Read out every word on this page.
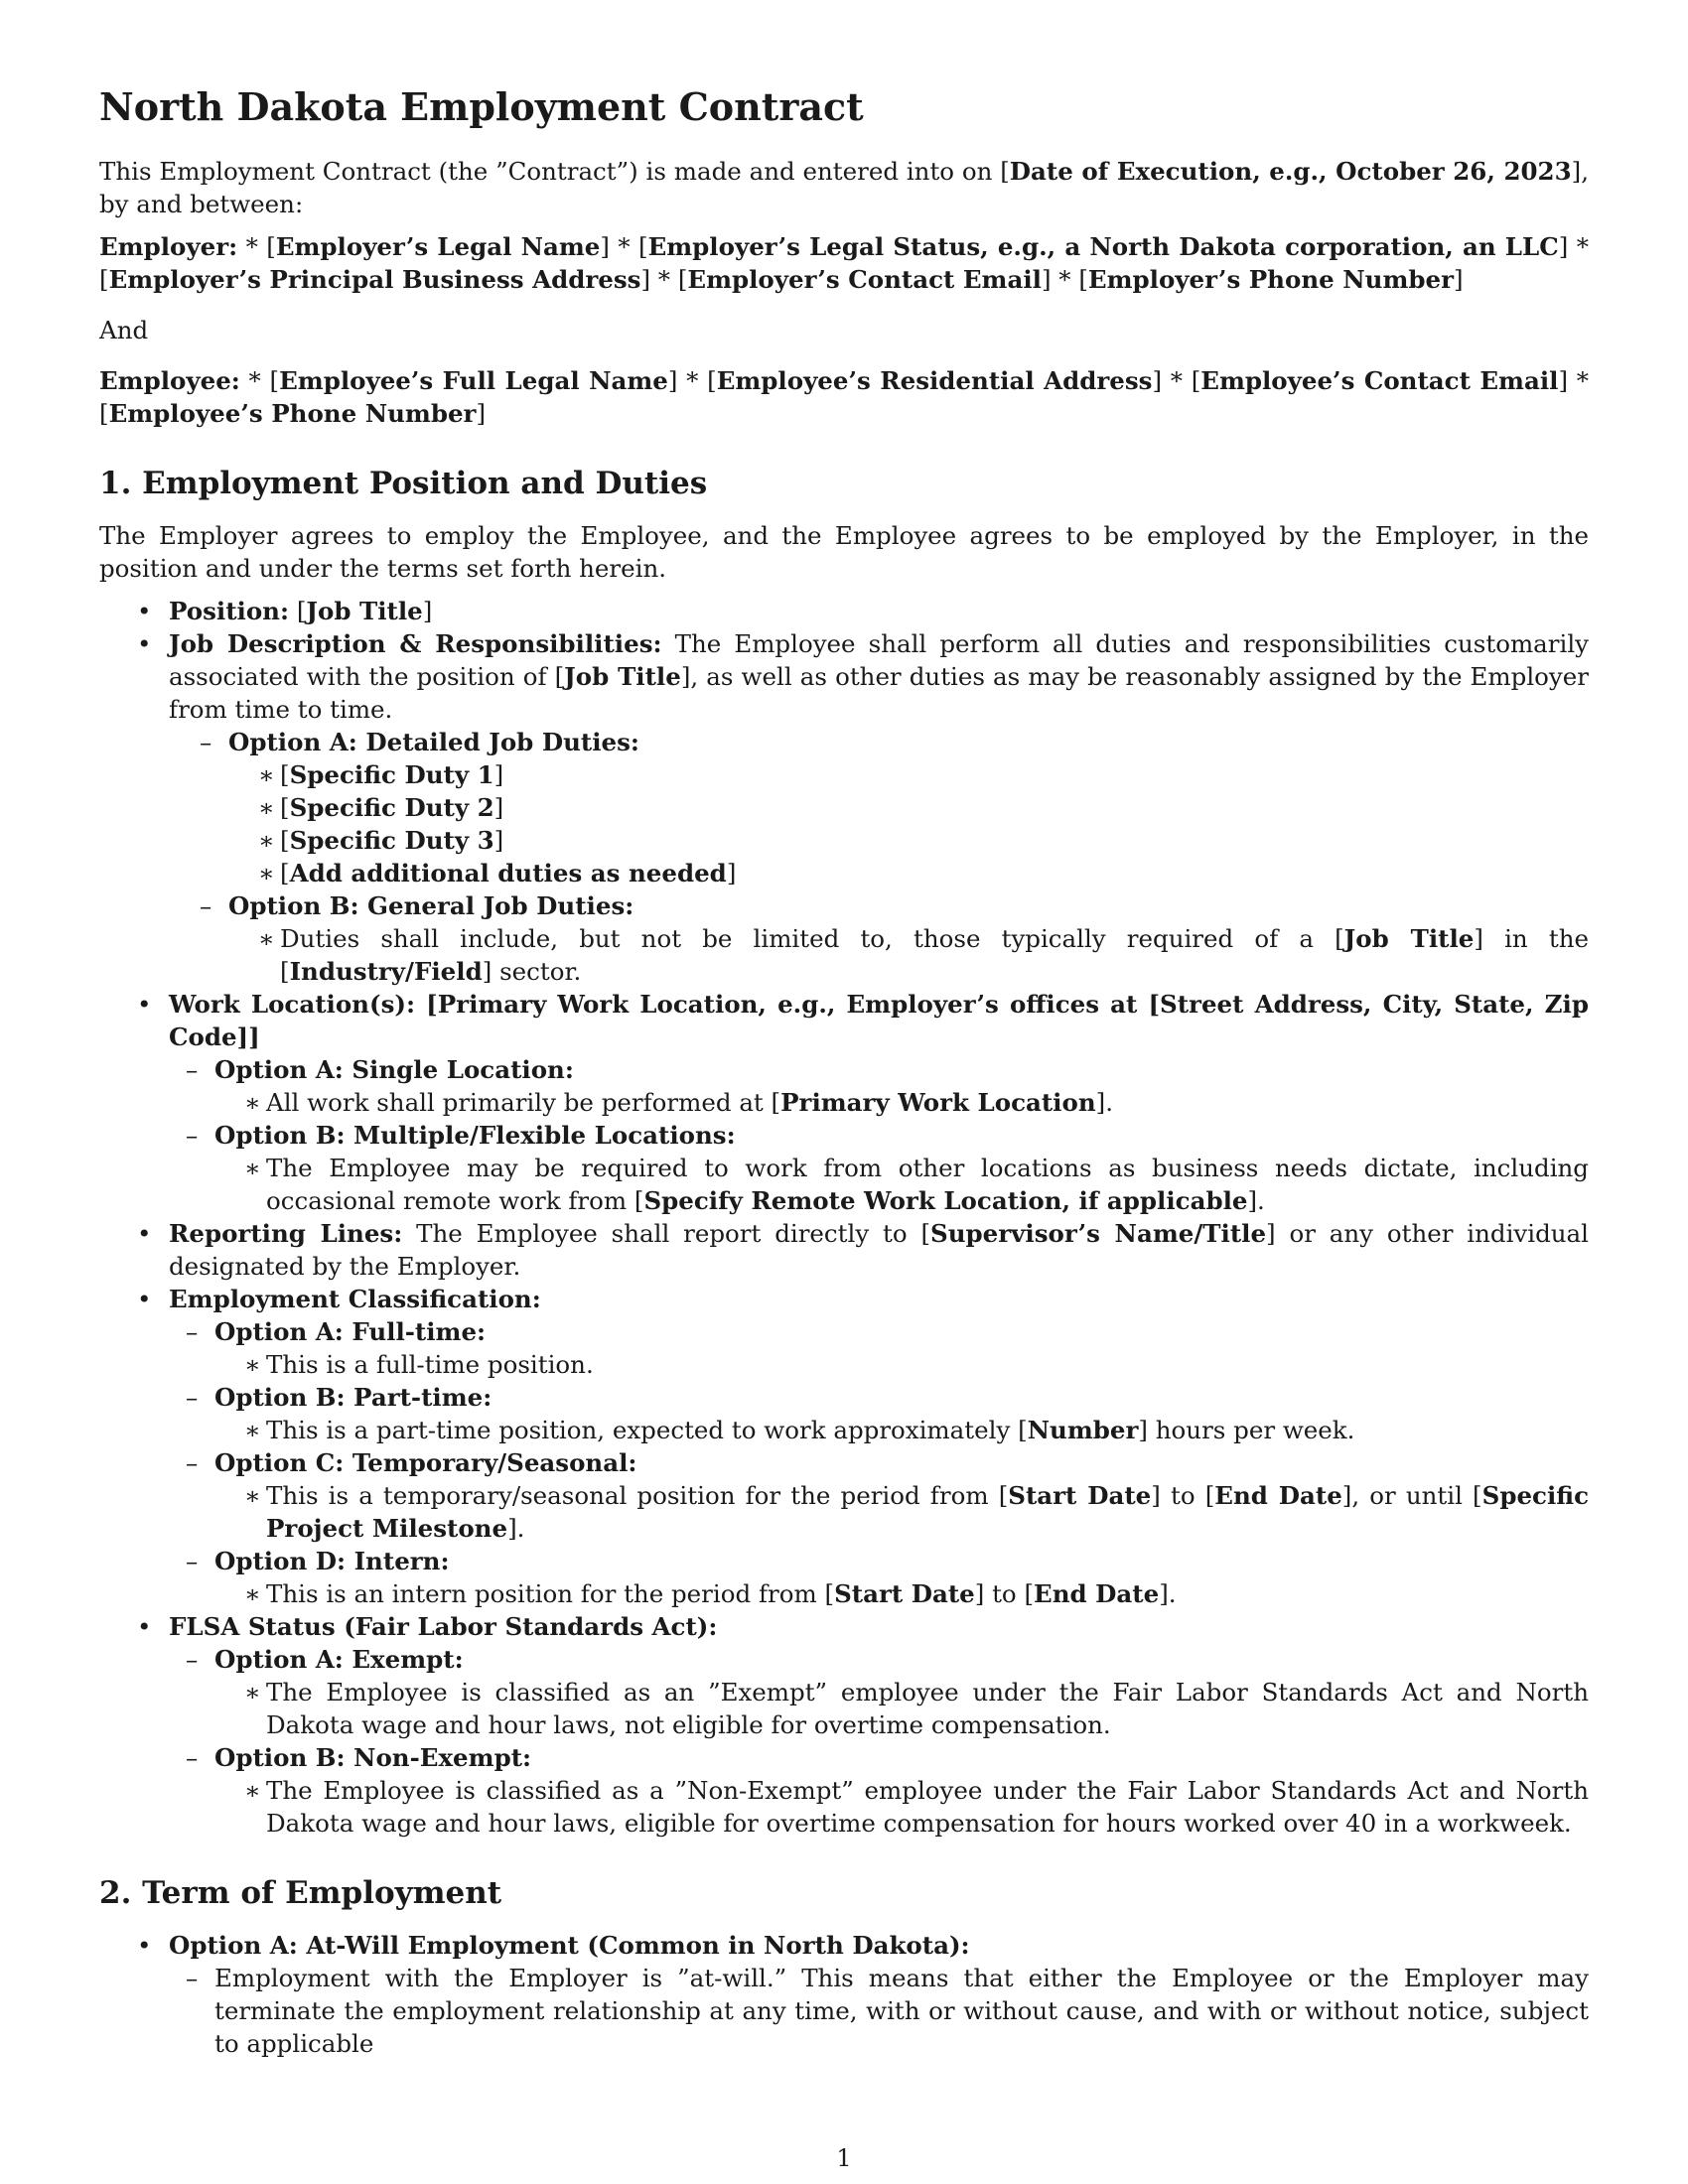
North Dakota Employment Contract

This Employment Contract (the ”Contract”) is made and entered into on [Date of Execution, e.g., October 26, 2023], by and between:

Employer: * [Employer’s Legal Name] * [Employer’s Legal Status, e.g., a North Dakota corporation, an LLC] * [Employer’s Principal Business Address] * [Employer’s Contact Email] * [Employer’s Phone Number]

And

Employee: * [Employee’s Full Legal Name] * [Employee’s Residential Address] * [Employee’s Contact Email] * [Employee’s Phone Number]

1. Employment Position and Duties

The Employer agrees to employ the Employee, and the Employee agrees to be employed by the Employer, in the position and under the terms set forth herein.

• Position: [Job Title]
• Job Description & Responsibilities: The Employee shall perform all duties and responsibilities customarily associated with the position of [Job Title], as well as other duties as may be reasonably assigned by the Employer from time to time.
– Option A: Detailed Job Duties:
∗ [Specific Duty 1]
∗ [Specific Duty 2]
∗ [Specific Duty 3]
∗ [Add additional duties as needed]
– Option B: General Job Duties:
∗ Duties shall include, but not be limited to, those typically required of a [Job Title] in the [Industry/Field] sector.
• Work Location(s): [Primary Work Location, e.g., Employer’s offices at [Street Address, City, State, Zip Code]]
– Option A: Single Location:
∗ All work shall primarily be performed at [Primary Work Location].
– Option B: Multiple/Flexible Locations:
∗ The Employee may be required to work from other locations as business needs dictate, including occasional remote work from [Specify Remote Work Location, if applicable].
• Reporting Lines: The Employee shall report directly to [Supervisor’s Name/Title] or any other individual designated by the Employer.
• Employment Classification:
– Option A: Full-time:
∗ This is a full-time position.
– Option B: Part-time:
∗ This is a part-time position, expected to work approximately [Number] hours per week.
– Option C: Temporary/Seasonal:
∗ This is a temporary/seasonal position for the period from [Start Date] to [End Date], or until [Specific Project Milestone].
– Option D: Intern:
∗ This is an intern position for the period from [Start Date] to [End Date].
• FLSA Status (Fair Labor Standards Act):
– Option A: Exempt:
∗ The Employee is classified as an ”Exempt” employee under the Fair Labor Standards Act and North Dakota wage and hour laws, not eligible for overtime compensation.
– Option B: Non-Exempt:
∗ The Employee is classified as a ”Non-Exempt” employee under the Fair Labor Standards Act and North Dakota wage and hour laws, eligible for overtime compensation for hours worked over 40 in a workweek.
2. Term of Employment
• Option A: At-Will Employment (Common in North Dakota):
– Employment with the Employer is ”at-will.” This means that either the Employee or the Employer may terminate the employment relationship at any time, with or without cause, and with or without notice, subject to applicable
1
